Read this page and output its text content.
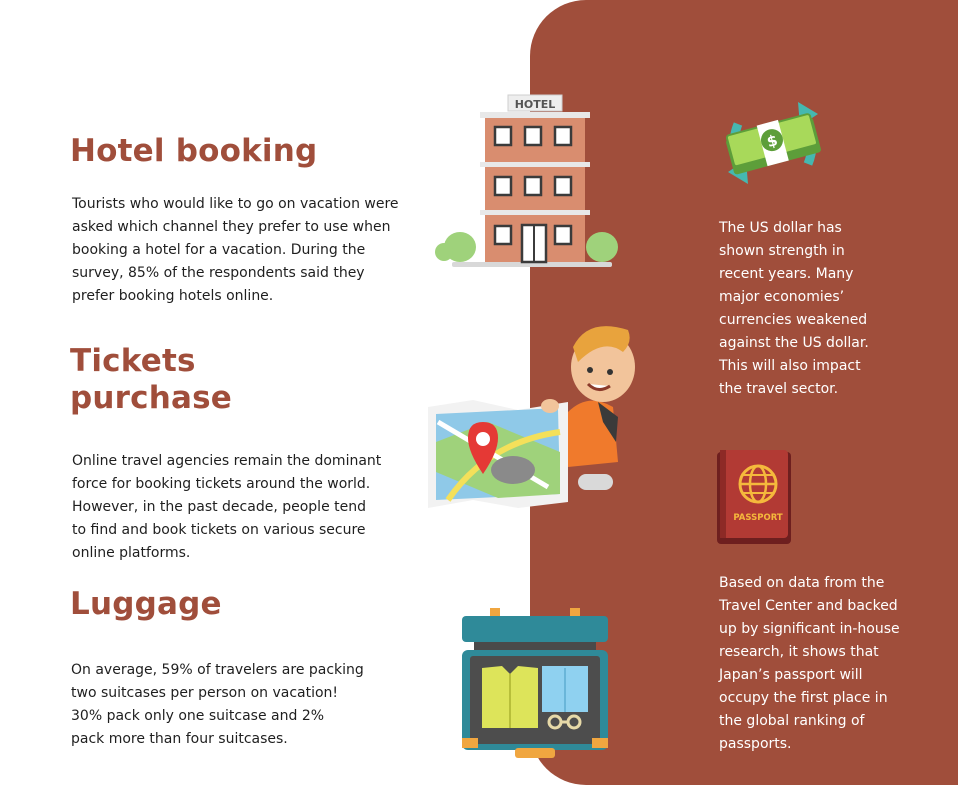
Hotel booking

Tourists who would like to go on vacation were
asked which channel they prefer to use when
booking a hotel for a vacation. During the
survey, 85% of the respondents said they
prefer booking hotels online.

Tickets
purchase

Online travel agencies remain the dominant
force for booking tickets around the world.
However, in the past decade, people tend
to find and book tickets on various secure
online platforms.

Luggage

On average, 59% of travelers are packing
two suitcases per person on vacation!
30% pack only one suitcase and 2%
pack more than four suitcases.

The US dollar has
shown strength in
recent years. Many
major economies’
currencies weakened
against the US dollar.
This will also impact
the travel sector.

Based on data from the
Travel Center and backed
up by significant in-house
research, it shows that
Japan’s passport will
occupy the first place in
the global ranking of
passports.

HOTEL
$
PASSPORT
